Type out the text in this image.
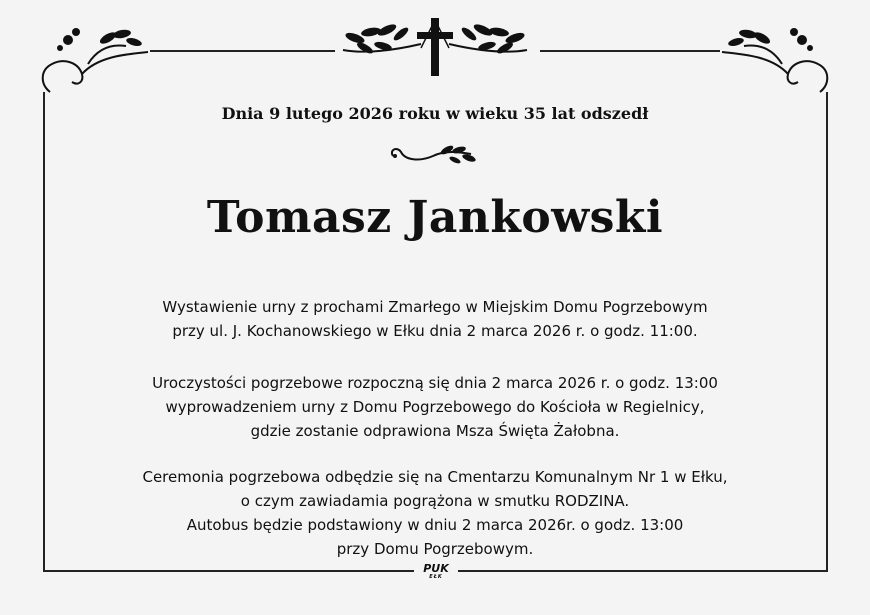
Dnia 9 lutego 2026 roku w wieku 35 lat odszedł
Tomasz Jankowski
Wystawienie urny z prochami Zmarłego w Miejskim Domu Pogrzebowym
przy ul. J. Kochanowskiego w Ełku dnia 2 marca 2026 r. o godz. 11:00.
Uroczystości pogrzebowe rozpoczną się dnia 2 marca 2026 r. o godz. 13:00
wyprowadzeniem urny z Domu Pogrzebowego do Kościoła w Regielnicy,
gdzie zostanie odprawiona Msza Święta Żałobna.
Ceremonia pogrzebowa odbędzie się na Cmentarzu Komunalnym Nr 1 w Ełku,
o czym zawiadamia pogrążona w smutku RODZINA.
Autobus będzie podstawiony w dniu 2 marca 2026r. o godz. 13:00
przy Domu Pogrzebowym.
PUK
EŁK
